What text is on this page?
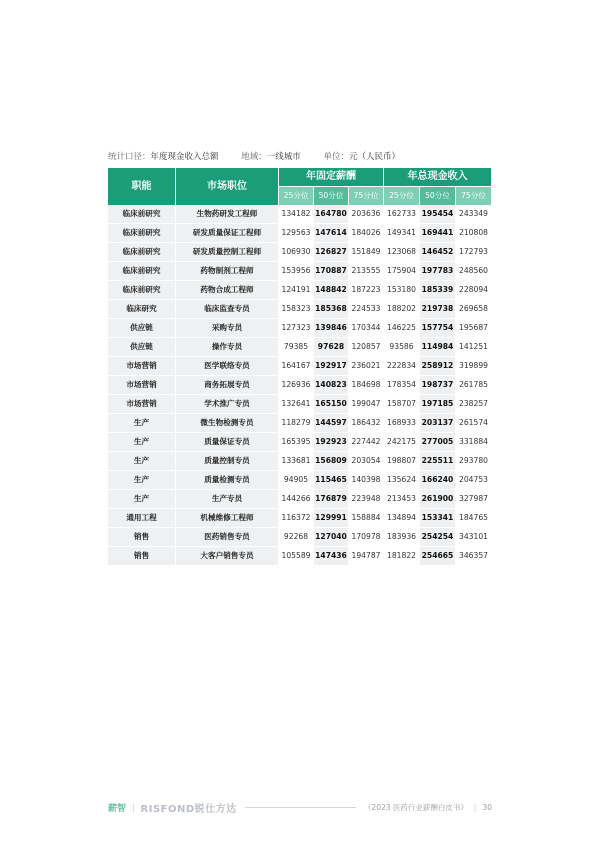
统计口径：年度现金收入总额	地域：一线城市	单位：元（人民币）
职能	市场职位	年固定薪酬			年总现金收入		
		25分位	50分位	75分位	25分位	50分位	75分位
临床前研究	生物药研发工程师	134182	164780	203636	162733	195454	243349
临床前研究	研发质量保证工程师	129563	147614	184026	149341	169441	210808
临床前研究	研发质量控制工程师	106930	126827	151849	123068	146452	172793
临床前研究	药物制剂工程师	153956	170887	213555	175904	197783	248560
临床前研究	药物合成工程师	124191	148842	187223	153180	185339	228094
临床研究	临床监查专员	158323	185368	224533	188202	219738	269658
供应链	采购专员	127323	139846	170344	146225	157754	195687
供应链	操作专员	79385	97628	120857	93586	114984	141251
市场营销	医学联络专员	164167	192917	236021	222834	258912	319899
市场营销	商务拓展专员	126936	140823	184698	178354	198737	261785
市场营销	学术推广专员	132641	165150	199047	158707	197185	238257
生产	微生物检测专员	118279	144597	186432	168933	203137	261574
生产	质量保证专员	165395	192923	227442	242175	277005	331884
生产	质量控制专员	133681	156809	203054	198807	225511	293780
生产	质量检测专员	94905	115465	140398	135624	166240	204753
生产	生产专员	144266	176879	223948	213453	261900	327987
通用工程	机械维修工程师	116372	129991	158884	134894	153341	184765
销售	医药销售专员	92268	127040	170978	183936	254254	343101
销售	大客户销售专员	105589	147436	194787	181822	254665	346357
薪智 | RISFOND锐仕方达	《2023 医药行业薪酬白皮书》 | 30
